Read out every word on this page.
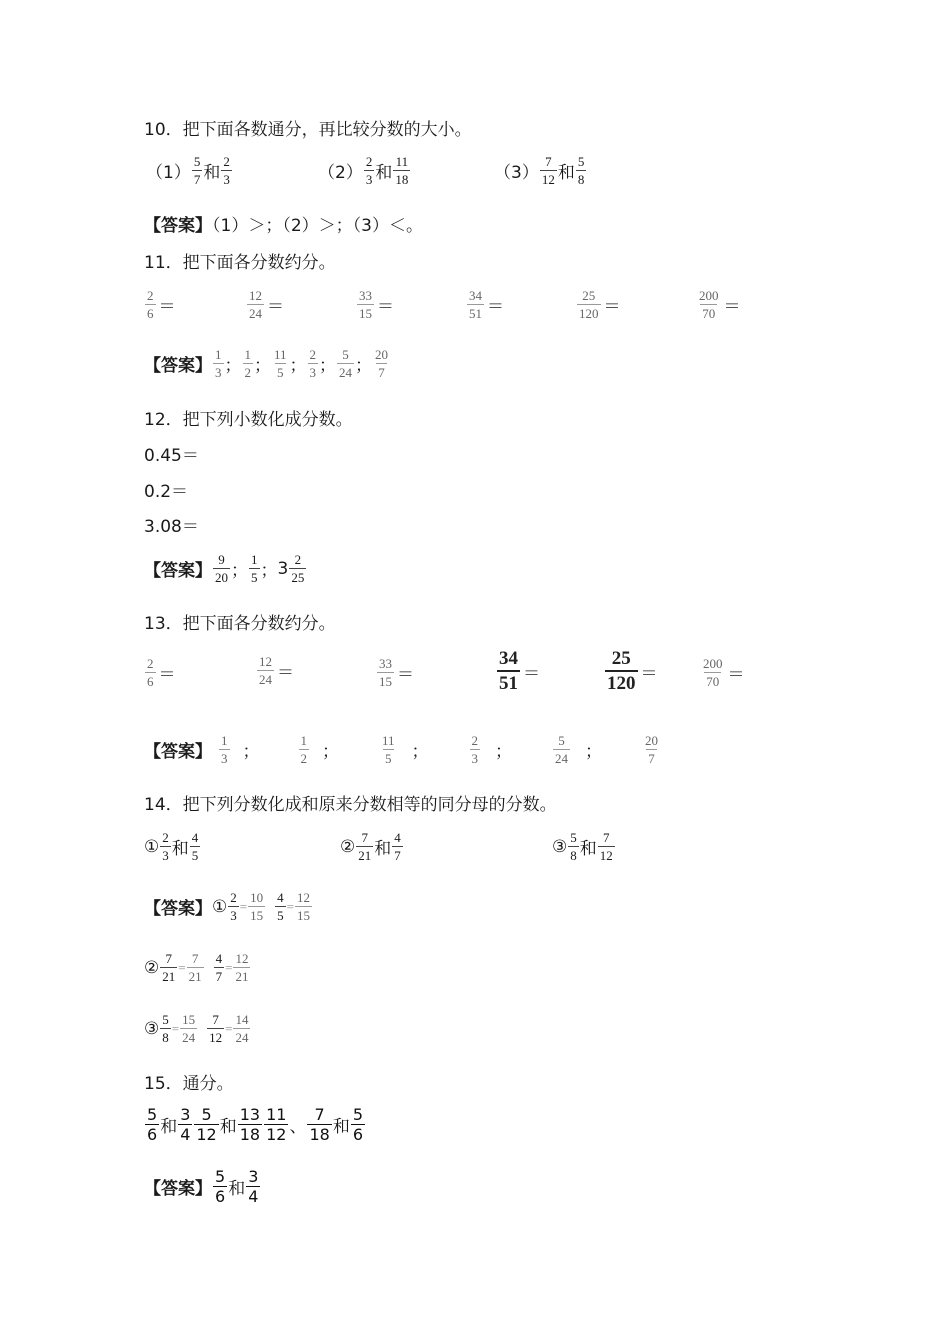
10．把下面各数通分，再比较分数的大小。
$(1) \frac{5}{7}$ 和 $\frac{2}{3}$	$(2) \frac{2}{3}$ 和 $\frac{11}{18}$	$(3) \frac{7}{12}$ 和 $\frac{5}{8}$
【答案】（1）＞；（2）＞；（3）＜。
11．把下面各分数约分。
$\frac{2}{6}$ ＝	$\frac{12}{24}$ ＝	$\frac{33}{15}$ ＝	$\frac{34}{51}$ ＝	$\frac{25}{120}$ ＝	$\frac{200}{70}$ ＝
【答案】 $\frac{1}{3}$ ； $\frac{1}{2}$ ； $\frac{11}{5}$ ； $\frac{2}{3}$ ； $\frac{5}{24}$ ； $\frac{20}{7}$
12．把下列小数化成分数。
0.45＝
0.2＝
3.08＝
【答案】 $\frac{9}{20}$ ； $\frac{1}{5}$ ； $3 \frac{2}{25}$
13．把下面各分数约分。
$\frac{2}{6}$ ＝	$\frac{12}{24}$ ＝	$\frac{33}{15}$ ＝	$\frac{34}{51}$ ＝	$\frac{25}{120}$ ＝	$\frac{200}{70}$ ＝
【答案】 $\frac{1}{3}$ ；	$\frac{1}{2}$ ；	$\frac{11}{5}$ ；	$\frac{2}{3}$ ；	$\frac{5}{24}$ ；	$\frac{20}{7}$
14．把下列分数化成和原来分数相等的同分母的分数。
① $\frac{2}{3}$ 和 $\frac{4}{5}$	② $\frac{7}{21}$ 和 $\frac{4}{7}$	③ $\frac{5}{8}$ 和 $\frac{7}{12}$
【答案】 ① $\frac{2}{3} = \frac{10}{15} \frac{4}{5} = \frac{12}{15}$
② $\frac{7}{21} = \frac{7}{21} \frac{4}{7} = \frac{12}{21}$
③ $\frac{5}{8} = \frac{15}{24} \frac{7}{12} = \frac{14}{24}$
15．通分。
$\frac{5}{6}$ 和 $\frac{3}{4} \frac{5}{12}$ 和 $\frac{13}{18} \frac{11}{12}$ 、 $\frac{7}{18}$ 和 $\frac{5}{6}$
【答案】 $\frac{5}{6}$ 和 $\frac{3}{4}$
